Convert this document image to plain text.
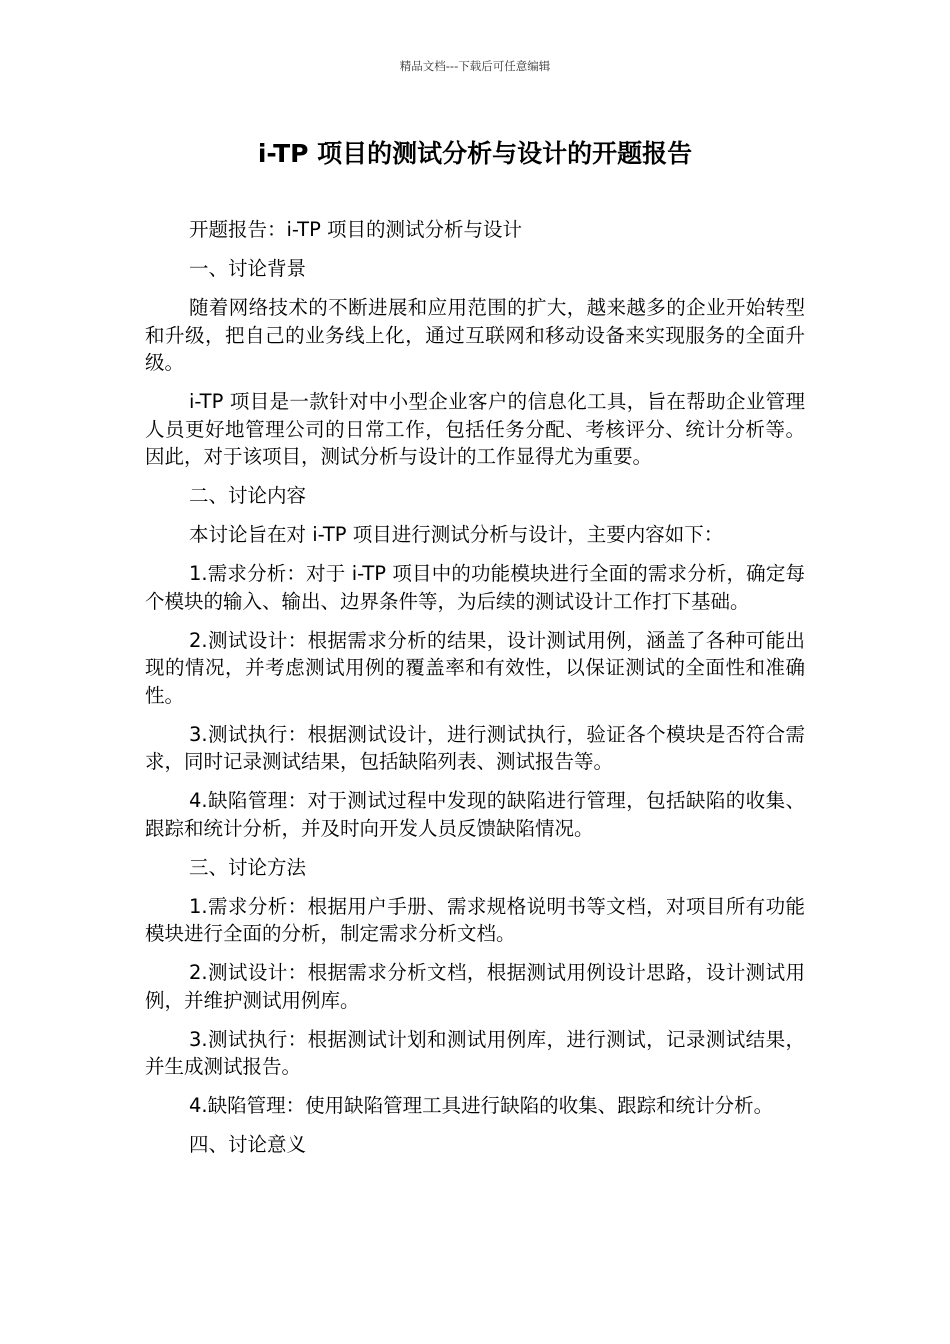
精品文档---下载后可任意编辑
i-TP 项目的测试分析与设计的开题报告

开题报告：i-TP 项目的测试分析与设计

一、讨论背景

随着网络技术的不断进展和应用范围的扩大，越来越多的企业开始转型和升级，把自己的业务线上化，通过互联网和移动设备来实现服务的全面升级。

i-TP 项目是一款针对中小型企业客户的信息化工具，旨在帮助企业管理人员更好地管理公司的日常工作，包括任务分配、考核评分、统计分析等。因此，对于该项目，测试分析与设计的工作显得尤为重要。

二、讨论内容

本讨论旨在对 i-TP 项目进行测试分析与设计，主要内容如下：

1.需求分析：对于 i-TP 项目中的功能模块进行全面的需求分析，确定每个模块的输入、输出、边界条件等，为后续的测试设计工作打下基础。

2.测试设计：根据需求分析的结果，设计测试用例，涵盖了各种可能出现的情况，并考虑测试用例的覆盖率和有效性，以保证测试的全面性和准确性。

3.测试执行：根据测试设计，进行测试执行，验证各个模块是否符合需求，同时记录测试结果，包括缺陷列表、测试报告等。

4.缺陷管理：对于测试过程中发现的缺陷进行管理，包括缺陷的收集、跟踪和统计分析，并及时向开发人员反馈缺陷情况。

三、讨论方法

1.需求分析：根据用户手册、需求规格说明书等文档，对项目所有功能模块进行全面的分析，制定需求分析文档。

2.测试设计：根据需求分析文档，根据测试用例设计思路，设计测试用例，并维护测试用例库。

3.测试执行：根据测试计划和测试用例库，进行测试，记录测试结果，并生成测试报告。

4.缺陷管理：使用缺陷管理工具进行缺陷的收集、跟踪和统计分析。

四、讨论意义
